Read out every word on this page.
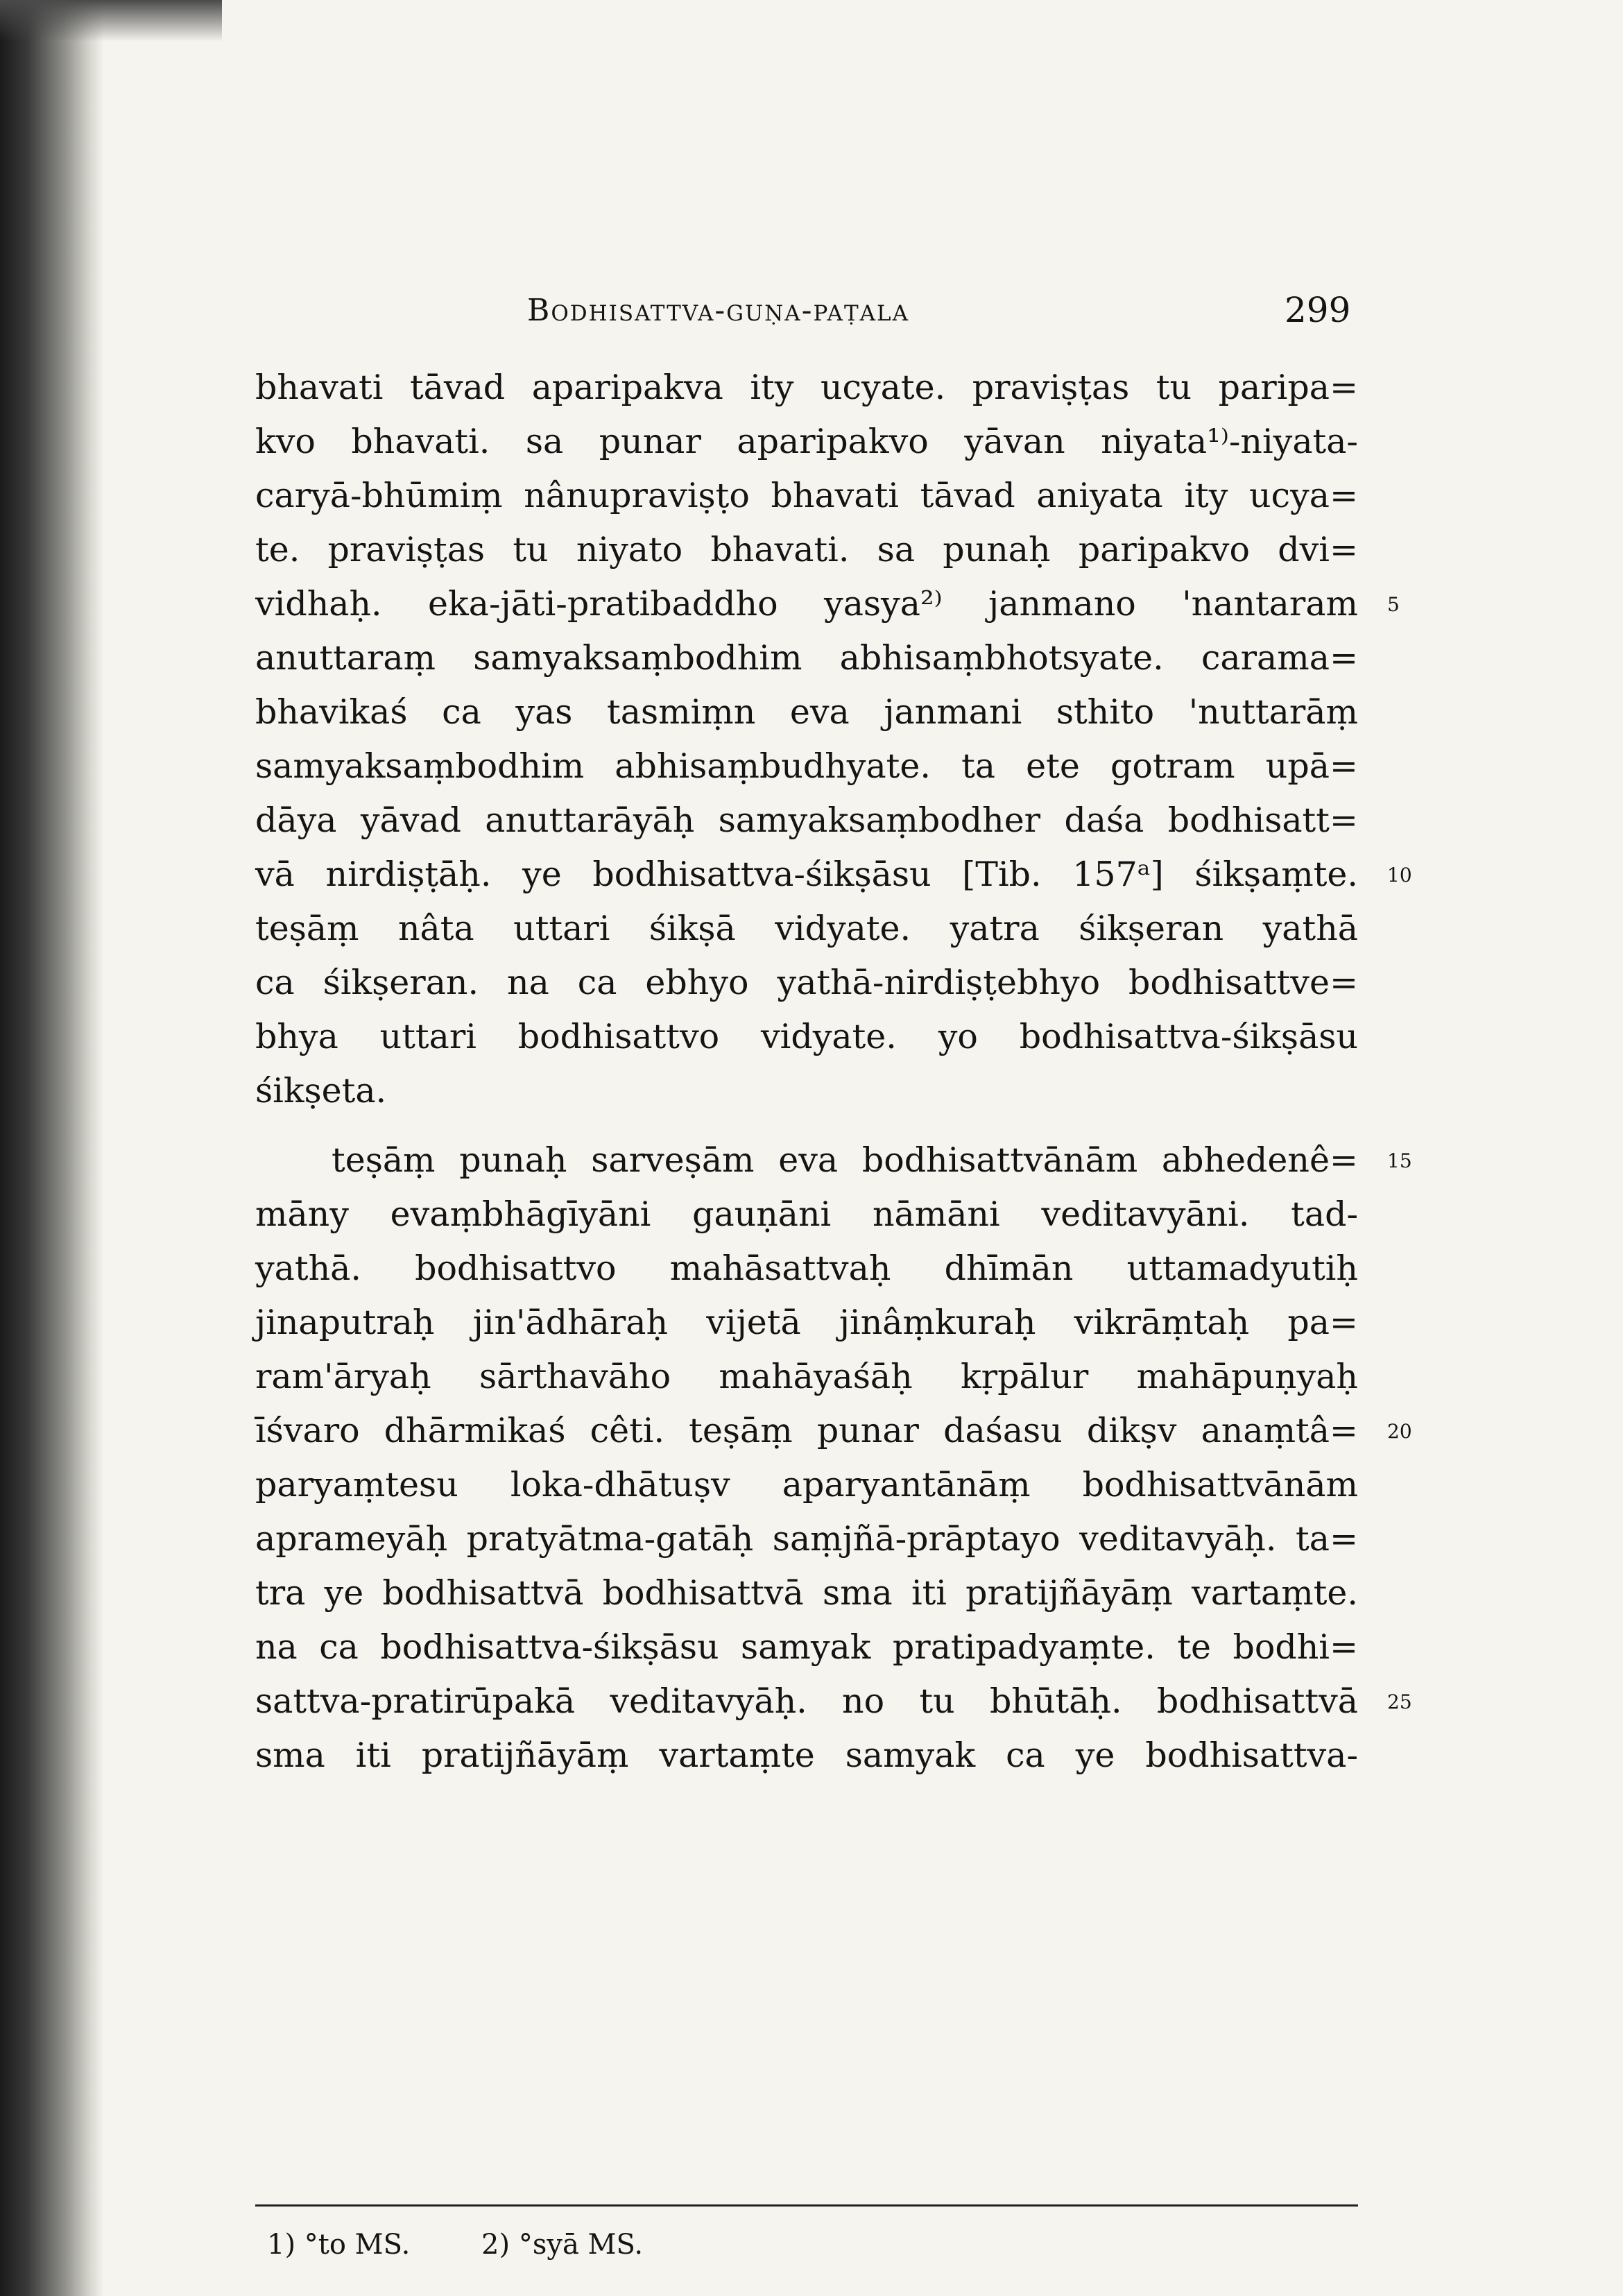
Bodhisattva-guṇa-paṭala	299
bhavati tāvad aparipakva ity ucyate. praviṣṭas tu paripa=
kvo bhavati. sa punar aparipakvo yāvan niyata¹⁾-niyata-
caryā-bhūmiṃ nânupraviṣṭo bhavati tāvad aniyata ity ucya=
te. praviṣṭas tu niyato bhavati. sa punaḥ paripakvo dvi=
vidhaḥ. eka-jāti-pratibaddho yasya²⁾ janmano 'nantaram
anuttaraṃ samyaksaṃbodhim abhisaṃbhotsyate. carama=
bhavikaś ca yas tasmiṃn eva janmani sthito 'nuttarāṃ
samyaksaṃbodhim abhisaṃbudhyate. ta ete gotram upā=
dāya yāvad anuttarāyāḥ samyaksaṃbodher daśa bodhisatt=
vā nirdiṣṭāḥ. ye bodhisattva-śikṣāsu [Tib. 157ᵃ] śikṣaṃte.
teṣāṃ nâta uttari śikṣā vidyate. yatra śikṣeran yathā
ca śikṣeran. na ca ebhyo yathā-nirdiṣṭebhyo bodhisattve=
bhya uttari bodhisattvo vidyate. yo bodhisattva-śikṣāsu
śikṣeta.
teṣāṃ punaḥ sarveṣām eva bodhisattvānām abhedenê=
māny evaṃbhāgīyāni gauṇāni nāmāni veditavyāni. tad-
yathā. bodhisattvo mahāsattvaḥ dhīmān uttamadyutiḥ
jinaputraḥ jin'ādhāraḥ vijetā jinâṃkuraḥ vikrāṃtaḥ pa=
ram'āryaḥ sārthavāho mahāyaśāḥ kṛpālur mahāpuṇyaḥ
īśvaro dhārmikaś cêti. teṣāṃ punar daśasu dikṣv anaṃtâ=
paryaṃtesu loka-dhātuṣv aparyantānāṃ bodhisattvānām
aprameyāḥ pratyātma-gatāḥ saṃjñā-prāptayo veditavyāḥ. ta=
tra ye bodhisattvā bodhisattvā sma iti pratijñāyāṃ vartaṃte.
na ca bodhisattva-śikṣāsu samyak pratipadyaṃte. te bodhi=
sattva-pratirūpakā veditavyāḥ. no tu bhūtāḥ. bodhisattvā
sma iti pratijñāyāṃ vartaṃte samyak ca ye bodhisattva-
5
10
15
20
25
1) °to MS.	2) °syā MS.
